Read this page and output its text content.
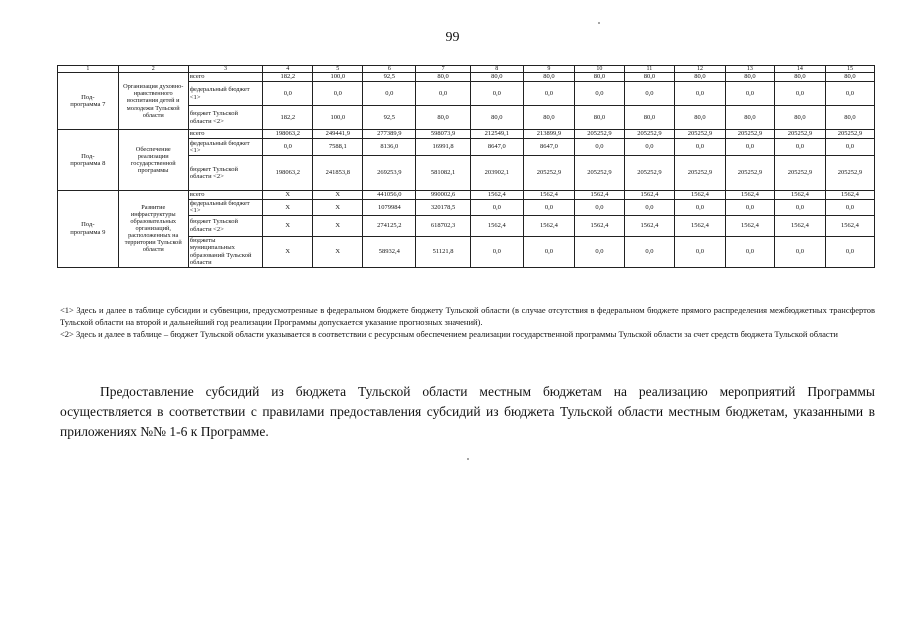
99
1	2	3	4	5	6	7	8	9	10	11	12	13	14	15
Под-
программа 7	Организация духовно-нравственного воспитания детей и молодежи Тульской области	всего	182,2	100,0	92,5	80,0	80,0	80,0	80,0	80,0	80,0	80,0	80,0	80,0
		федеральный бюджет <1>	0,0	0,0	0,0	0,0	0,0	0,0	0,0	0,0	0,0	0,0	0,0	0,0
		бюджет Тульской области <2>	182,2	100,0	92,5	80,0	80,0	80,0	80,0	80,0	80,0	80,0	80,0	80,0
Под-
программа 8	Обеспечение реализации государственной программы	всего	198063,2	249441,9	277389,9	598073,9	212549,1	213899,9	205252,9	205252,9	205252,9	205252,9	205252,9	205252,9
		федеральный бюджет <1>	0,0	7588,1	8136,0	16991,8	8647,0	8647,0	0,0	0,0	0,0	0,0	0,0	0,0
		бюджет Тульской области <2>	198063,2	241853,8	269253,9	581082,1	203902,1	205252,9	205252,9	205252,9	205252,9	205252,9	205252,9	205252,9
Под-
программа 9	Развитие инфраструктуры образовательных организаций, расположенных на территории Тульской области	всего	X	X	441056,0	990002,6	1562,4	1562,4	1562,4	1562,4	1562,4	1562,4	1562,4	1562,4
		федеральный бюджет <1>	X	X	1079984	320178,5	0,0	0,0	0,0	0,0	0,0	0,0	0,0	0,0
		бюджет Тульской области <2>	X	X	274125,2	618702,3	1562,4	1562,4	1562,4	1562,4	1562,4	1562,4	1562,4	1562,4
		бюджеты муниципальных образований Тульской области	X	X	58932,4	51121,8	0,0	0,0	0,0	0,0	0,0	0,0	0,0	0,0

<1> Здесь и далее в таблице субсидии и субвенции, предусмотренные в федеральном бюджете бюджету Тульской области (в случае отсутствия в федеральном бюджете прямого распределения межбюджетных трансфертов Тульской области на второй и дальнейший год реализации Программы допускается указание прогнозных значений).

<2> Здесь и далее в таблице – бюджет Тульской области указывается в соответствии с ресурсным обеспечением реализации государственной программы Тульской области за счет средств бюджета Тульской области

Предоставление субсидий из бюджета Тульской области местным бюджетам на реализацию мероприятий Программы осуществляется в соответствии с правилами предоставления субсидий из бюджета Тульской области местным бюджетам, указанными в приложениях №№ 1-6 к Программе.
